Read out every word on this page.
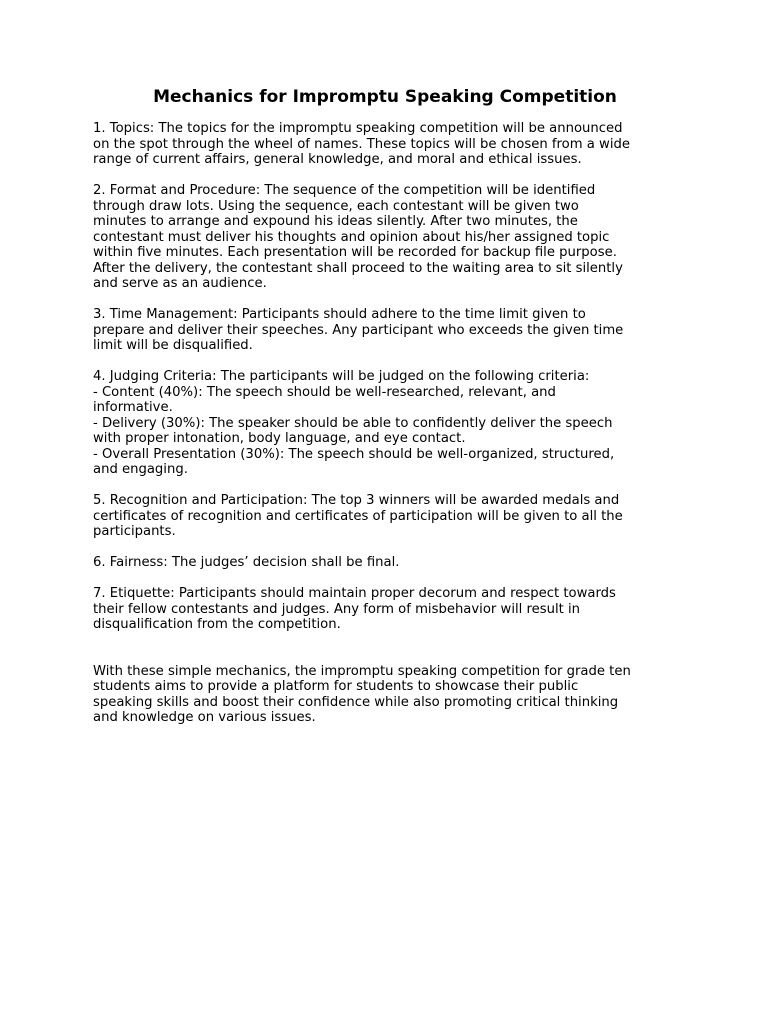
Mechanics for Impromptu Speaking Competition
1. Topics: The topics for the impromptu speaking competition will be announced
on the spot through the wheel of names. These topics will be chosen from a wide
range of current affairs, general knowledge, and moral and ethical issues.
2. Format and Procedure: The sequence of the competition will be identified
through draw lots. Using the sequence, each contestant will be given two
minutes to arrange and expound his ideas silently. After two minutes, the
contestant must deliver his thoughts and opinion about his/her assigned topic
within five minutes. Each presentation will be recorded for backup file purpose.
After the delivery, the contestant shall proceed to the waiting area to sit silently
and serve as an audience.
3. Time Management: Participants should adhere to the time limit given to
prepare and deliver their speeches. Any participant who exceeds the given time
limit will be disqualified.
4. Judging Criteria: The participants will be judged on the following criteria:
- Content (40%): The speech should be well-researched, relevant, and
informative.
- Delivery (30%): The speaker should be able to confidently deliver the speech
with proper intonation, body language, and eye contact.
- Overall Presentation (30%): The speech should be well-organized, structured,
and engaging.
5. Recognition and Participation: The top 3 winners will be awarded medals and
certificates of recognition and certificates of participation will be given to all the
participants.
6. Fairness: The judges’ decision shall be final.
7. Etiquette: Participants should maintain proper decorum and respect towards
their fellow contestants and judges. Any form of misbehavior will result in
disqualification from the competition.
With these simple mechanics, the impromptu speaking competition for grade ten
students aims to provide a platform for students to showcase their public
speaking skills and boost their confidence while also promoting critical thinking
and knowledge on various issues.
